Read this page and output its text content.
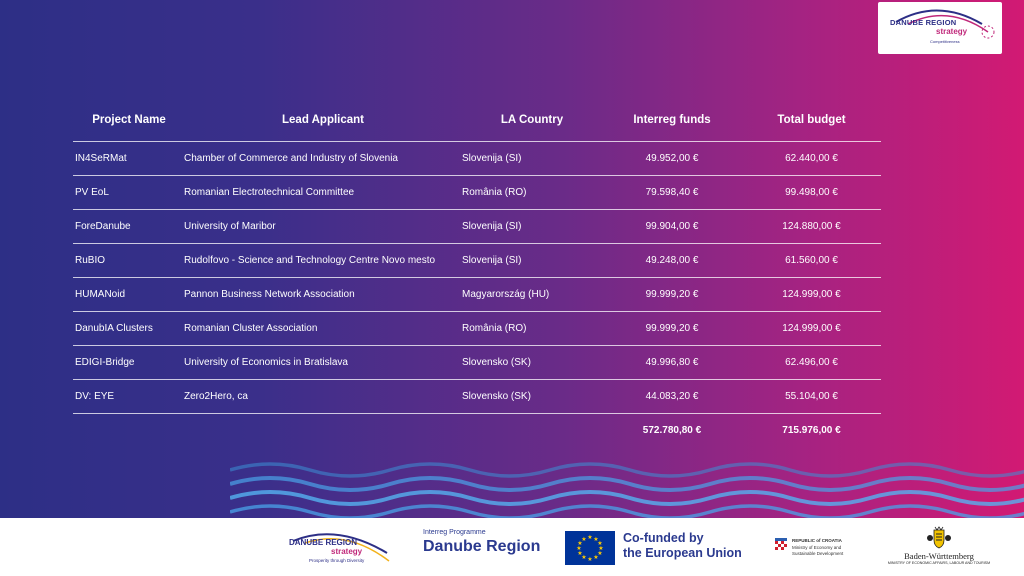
DANUBE REGION
strategy
Competitiveness
Project Name	Lead Applicant	LA Country	Interreg funds	Total budget
IN4SeRMat	Chamber of Commerce and Industry of Slovenia	Slovenija (SI)	49.952,00 €	62.440,00 €
PV EoL	Romanian Electrotechnical Committee	România (RO)	79.598,40 €	99.498,00 €
ForeDanube	University of Maribor	Slovenija (SI)	99.904,00 €	124.880,00 €
RuBIO	Rudolfovo - Science and Technology Centre Novo mesto	Slovenija (SI)	49.248,00 €	61.560,00 €
HUMANoid	Pannon Business Network Association	Magyarország (HU)	99.999,20 €	124.999,00 €
DanubIA Clusters	Romanian Cluster Association	România (RO)	99.999,20 €	124.999,00 €
EDIGI-Bridge	University of Economics in Bratislava	Slovensko (SK)	49.996,80 €	62.496,00 €
DV: EYE	Zero2Hero, ca	Slovensko (SK)	44.083,20 €	55.104,00 €
			572.780,80 €	715.976,00 €
DANUBE REGION
strategy
Prosperity through Diversity
Interreg Programme
Danube Region
★ ★
★
★
★
★
★
★
★
★
★
★	Co-funded by
the European Union
REPUBLIC of CROATIA
Ministry of Economy and Sustainable Development	Baden-Württemberg
MINISTRY OF ECONOMIC AFFAIRS, LABOUR AND TOURISM
